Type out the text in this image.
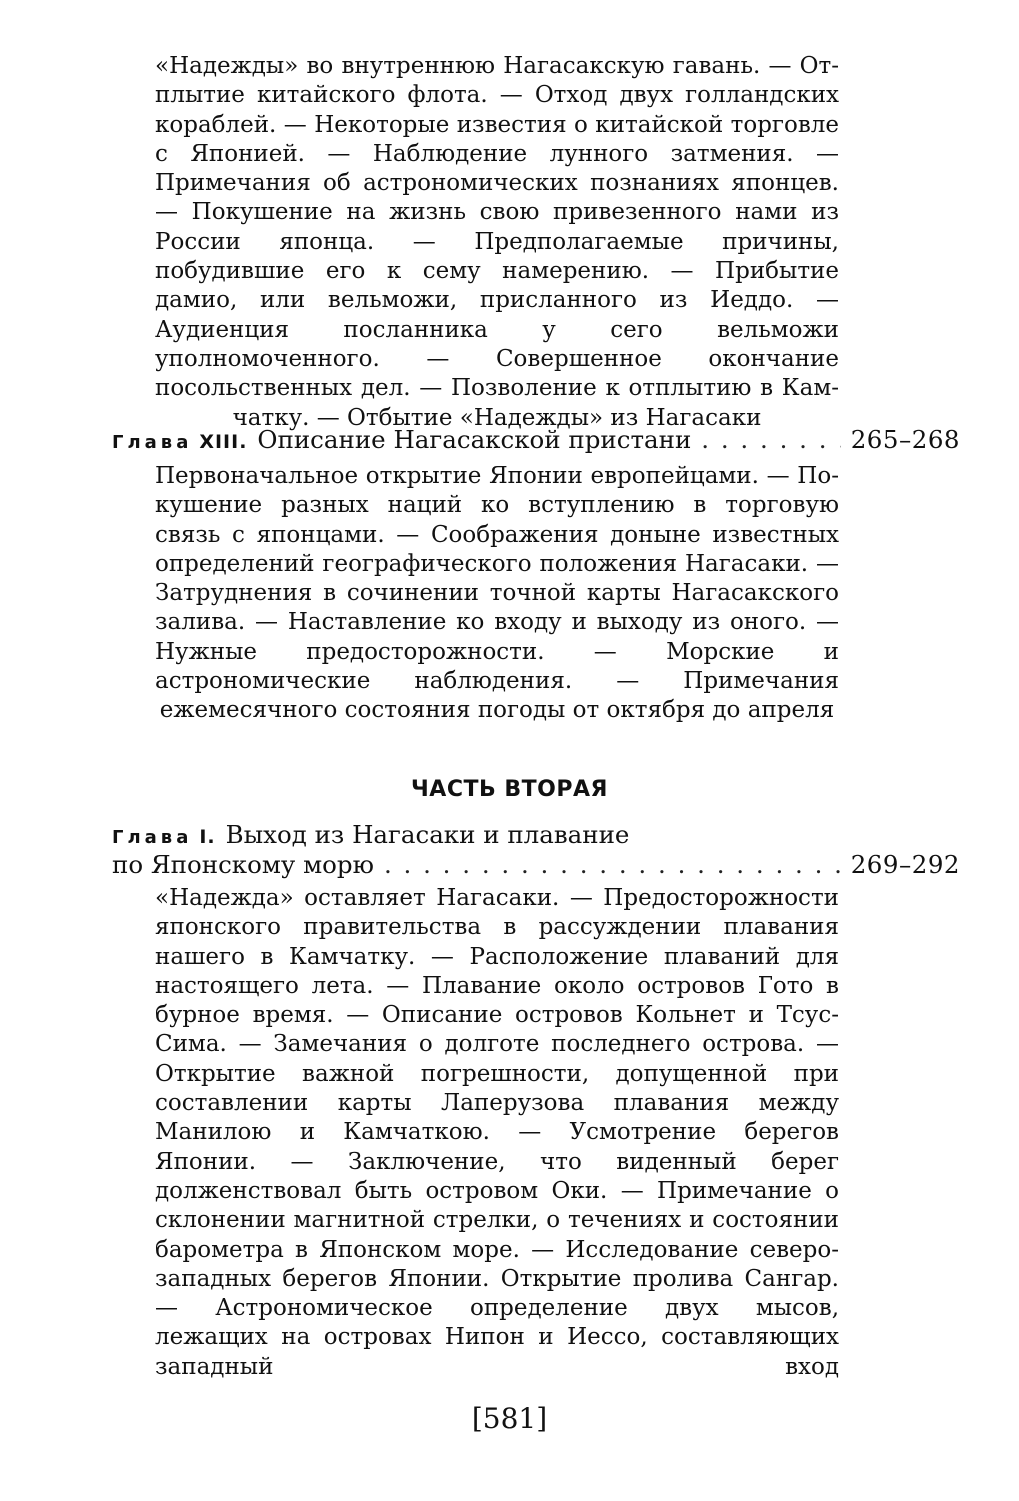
«Надежды» во внутреннюю Нагасакскую гавань. — Отплытие китайского флота. — Отход двух голландских кораблей. — Некоторые известия о китайской торговле с Японией. — Наблюдение лунного затмения. — Примечания об астрономических познаниях японцев. — Покушение на жизнь свою привезенного нами из России японца. — Предполагаемые причины, побудившие его к сему намерению. — Прибытие дамио, или вельможи, присланного из Иеддо. — Аудиенция посланника у сего вельможи уполномоченного. — Совершенное окончание посольственных дел. — Позволение к отплытию в Камчатку. — Отбытие «Надежды» из Нагасаки

Глава XIII. Описание Нагасакской пристани . . .	265–268

Первоначальное открытие Японии европейцами. — Покушение разных наций ко вступлению в торговую связь с японцами. — Соображения доныне известных определений географического положения Нагасаки. — Затруднения в сочинении точной карты Нагасакского залива. — Наставление ко входу и выходу из оного. — Нужные предосторожности. — Морские и астрономические наблюдения. — Примечания ежемесячного состояния погоды от октября до апреля

ЧАСТЬ ВТОРАЯ
Глава I. Выход из Нагасаки и плавание
по Японскому морю . . .	269–292

«Надежда» оставляет Нагасаки. — Предосторожности японского правительства в рассуждении плавания нашего в Камчатку. — Расположение плаваний для настоящего лета. — Плавание около островов Гото в бурное время. — Описание островов Кольнет и Тсус-Сима. — Замечания о долготе последнего острова. — Открытие важной погрешности, допущенной при составлении карты Лаперузова плавания между Манилою и Камчаткою. — Усмотрение берегов Японии. — Заключение, что виденный берег долженствовал быть островом Оки. — Примечание о склонении магнитной стрелки, о течениях и состоянии барометра в Японском море. — Исследование северо-западных берегов Японии. Открытие пролива Сангар. — Астрономическое определение двух мысов, лежащих на островах Нипон и Иессо, составляющих западный вход

[581]
